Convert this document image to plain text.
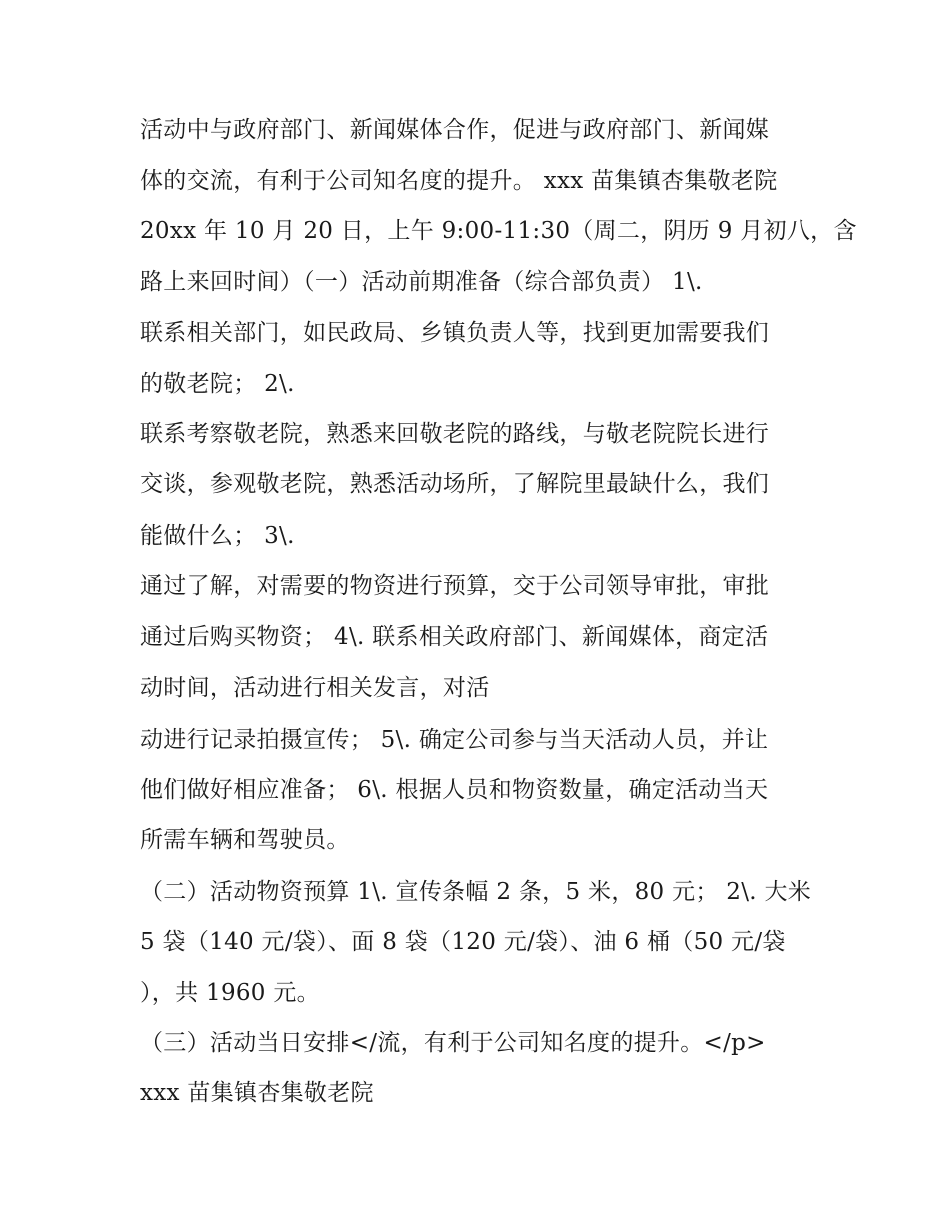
活动中与政府部门、新闻媒体合作，促进与政府部门、新闻媒
体的交流，有利于公司知名度的提升。 xxx 苗集镇杏集敬老院
20xx 年 10 月 20 日，上午 9:00-11:30（周二，阴历 9 月初八，含
路上来回时间）（一）活动前期准备（综合部负责） 1\.
联系相关部门，如民政局、乡镇负责人等，找到更加需要我们
的敬老院； 2\.
联系考察敬老院，熟悉来回敬老院的路线，与敬老院院长进行
交谈，参观敬老院，熟悉活动场所，了解院里最缺什么，我们
能做什么； 3\.
通过了解，对需要的物资进行预算，交于公司领导审批，审批
通过后购买物资； 4\. 联系相关政府部门、新闻媒体，商定活
动时间，活动进行相关发言，对活
动进行记录拍摄宣传； 5\. 确定公司参与当天活动人员，并让
他们做好相应准备； 6\. 根据人员和物资数量，确定活动当天
所需车辆和驾驶员。
（二）活动物资预算 1\. 宣传条幅 2 条，5 米，80 元； 2\. 大米
5 袋（140 元/袋）、面 8 袋（120 元/袋）、油 6 桶（50 元/袋
），共 1960 元。
（三）活动当日安排</流，有利于公司知名度的提升。</p>
xxx 苗集镇杏集敬老院
